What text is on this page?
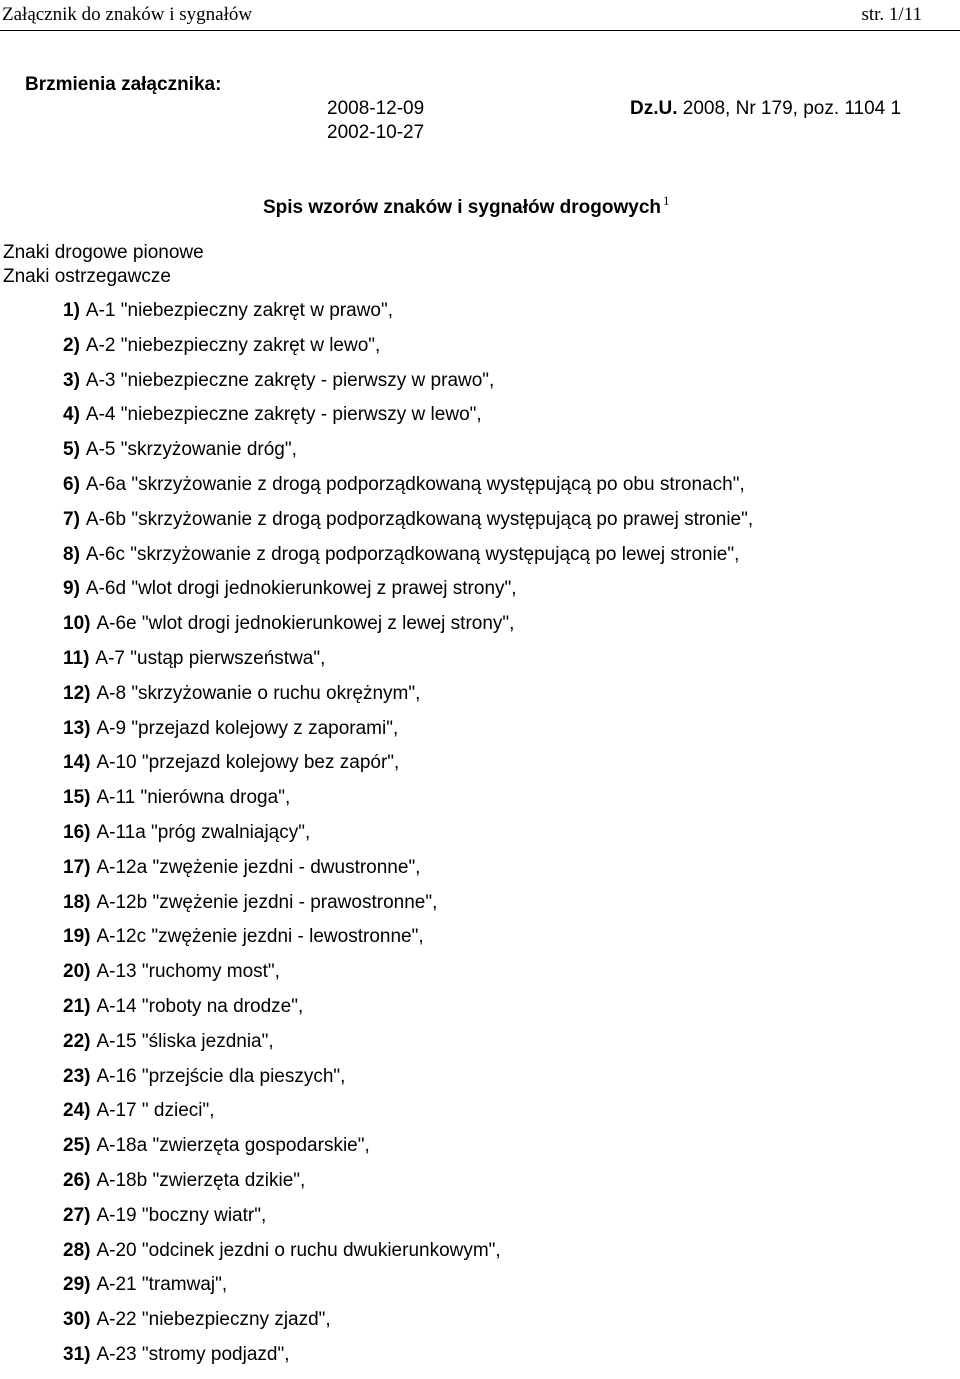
Załącznik do znaków i sygnałów	str. 1/11
Brzmienia załącznika:
2008-12-09
2002-10-27
Dz.U. 2008, Nr 179, poz. 1104 1
Spis wzorów znaków i sygnałów drogowych $^1$
Znaki drogowe pionowe
Znaki ostrzegawcze
1) A-1 "niebezpieczny zakręt w prawo",
2) A-2 "niebezpieczny zakręt w lewo",
3) A-3 "niebezpieczne zakręty - pierwszy w prawo",
4) A-4 "niebezpieczne zakręty - pierwszy w lewo",
5) A-5 "skrzyżowanie dróg",
6) A-6a "skrzyżowanie z drogą podporządkowaną występującą po obu stronach",
7) A-6b "skrzyżowanie z drogą podporządkowaną występującą po prawej stronie",
8) A-6c "skrzyżowanie z drogą podporządkowaną występującą po lewej stronie",
9) A-6d "wlot drogi jednokierunkowej z prawej strony",
10) A-6e "wlot drogi jednokierunkowej z lewej strony",
11) A-7 "ustąp pierwszeństwa",
12) A-8 "skrzyżowanie o ruchu okrężnym",
13) A-9 "przejazd kolejowy z zaporami",
14) A-10 "przejazd kolejowy bez zapór",
15) A-11 "nierówna droga",
16) A-11a "próg zwalniający",
17) A-12a "zwężenie jezdni - dwustronne",
18) A-12b "zwężenie jezdni - prawostronne",
19) A-12c "zwężenie jezdni - lewostronne",
20) A-13 "ruchomy most",
21) A-14 "roboty na drodze",
22) A-15 "śliska jezdnia",
23) A-16 "przejście dla pieszych",
24) A-17 " dzieci",
25) A-18a "zwierzęta gospodarskie",
26) A-18b "zwierzęta dzikie",
27) A-19 "boczny wiatr",
28) A-20 "odcinek jezdni o ruchu dwukierunkowym",
29) A-21 "tramwaj",
30) A-22 "niebezpieczny zjazd",
31) A-23 "stromy podjazd",
